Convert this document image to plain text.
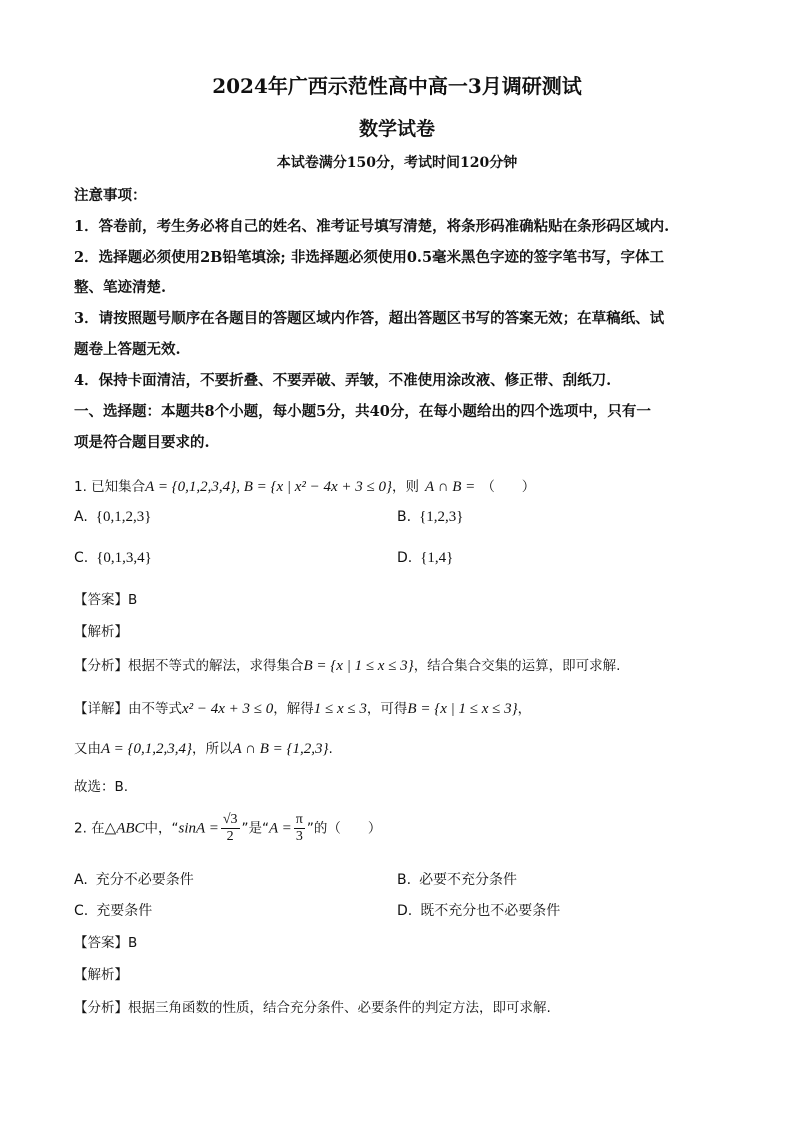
2024年广西示范性高中高一3月调研测试
数学试卷
本试卷满分150分，考试时间120分钟
注意事项：
1．答卷前，考生务必将自己的姓名、准考证号填写清楚，将条形码准确粘贴在条形码区域内.
2．选择题必须使用2B铅笔填涂; 非选择题必须使用0.5毫米黑色字迹的签字笔书写，字体工
整、笔迹清楚.
3．请按照题号顺序在各题目的答题区域内作答，超出答题区书写的答案无效；在草稿纸、试
题卷上答题无效.
4．保持卡面清洁，不要折叠、不要弄破、弄皱，不准使用涂改液、修正带、刮纸刀.
一、选择题：本题共8个小题，每小题5分，共40分，在每小题给出的四个选项中，只有一
项是符合题目要求的.
1. 已知集合A = {0,1,2,3,4}, B = {x | x² − 4x + 3 ≤ 0}，则 A ∩ B = （　　）
A. {0,1,2,3}	B. {1,2,3}
C. {0,1,3,4}	D. {1,4}
【答案】B
【解析】
【分析】根据不等式的解法，求得集合B = {x | 1 ≤ x ≤ 3}，结合集合交集的运算，即可求解.
【详解】由不等式x² − 4x + 3 ≤ 0，解得1 ≤ x ≤ 3，可得B = {x | 1 ≤ x ≤ 3}，
又由A = {0,1,2,3,4}，所以A ∩ B = {1,2,3}.
故选：B.
2. 在△ABC中，“$\sin A = \frac{√3}{2}$ ”是“$A = \frac{\pi}{3}$ ”的（　　）
A. 充分不必要条件	B. 必要不充分条件
C. 充要条件	D. 既不充分也不必要条件
【答案】B
【解析】
【分析】根据三角函数的性质，结合充分条件、必要条件的判定方法，即可求解.
